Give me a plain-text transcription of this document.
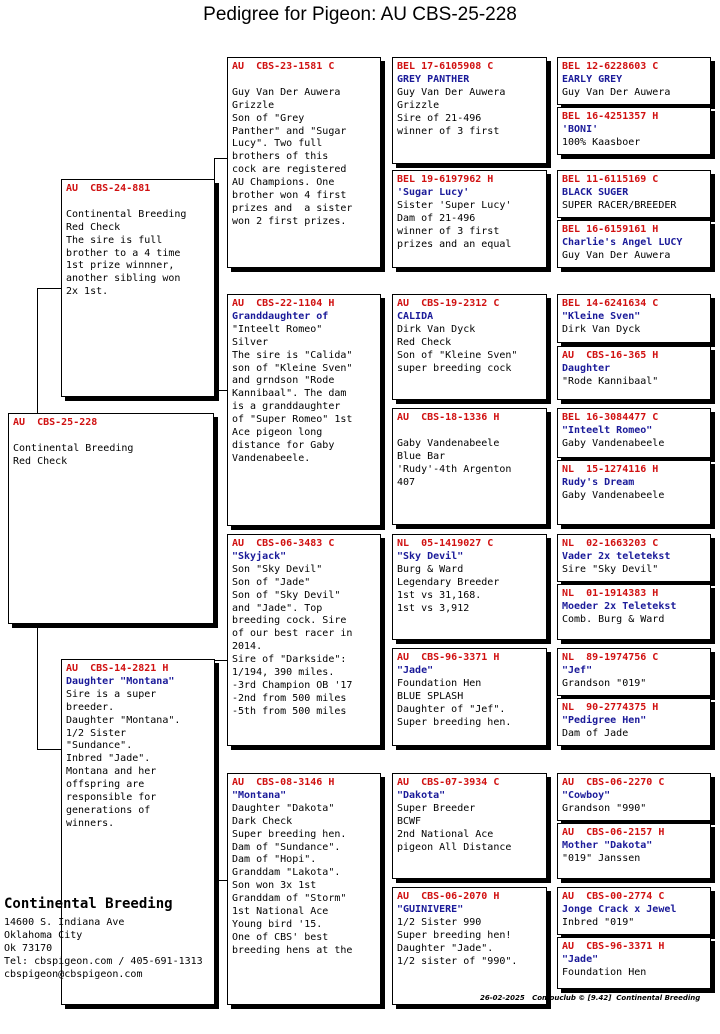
Pedigree for Pigeon: AU CBS-25-228
AU  CBS-25-228
Continental Breeding
Red Check
AU  CBS-24-881
Continental Breeding
Red Check
The sire is full
brother to a 4 time
1st prize winnner,
another sibling won
2x 1st.
AU  CBS-14-2821 H
Daughter "Montana"
Sire is a super
breeder.
Daughter "Montana".
1/2 Sister
"Sundance".
Inbred "Jade".
Montana and her
offspring are
responsible for
generations of
winners.
AU  CBS-23-1581 C
Guy Van Der Auwera
Grizzle
Son of "Grey
Panther" and "Sugar
Lucy". Two full
brothers of this
cock are registered
AU Champions. One
brother won 4 first
prizes and  a sister
won 2 first prizes.
AU  CBS-22-1104 H
Granddaughter of
"Inteelt Romeo"
Silver
The sire is "Calida"
son of "Kleine Sven"
and grndson "Rode
Kannibaal". The dam
is a granddaughter
of "Super Romeo" 1st
Ace pigeon long
distance for Gaby
Vandenabeele.
AU  CBS-06-3483 C
"Skyjack"
Son "Sky Devil"
Son of "Jade"
Son of "Sky Devil"
and "Jade". Top
breeding cock. Sire
of our best racer in
2014.
Sire of "Darkside":
1/194, 390 miles.
-3rd Champion OB '17
-2nd from 500 miles
-5th from 500 miles
AU  CBS-08-3146 H
"Montana"
Daughter "Dakota"
Dark Check
Super breeding hen.
Dam of "Sundance".
Dam of "Hopi".
Granddam "Lakota".
Son won 3x 1st
Granddam of "Storm"
1st National Ace
Young bird '15.
One of CBS' best
breeding hens at the
BEL 17-6105908 C
GREY PANTHER
Guy Van Der Auwera
Grizzle
Sire of 21-496
winner of 3 first
BEL 19-6197962 H
'Sugar Lucy'
Sister 'Super Lucy'
Dam of 21-496
winner of 3 first
prizes and an equal
AU  CBS-19-2312 C
CALIDA
Dirk Van Dyck
Red Check
Son of "Kleine Sven"
super breeding cock
AU  CBS-18-1336 H
Gaby Vandenabeele
Blue Bar
'Rudy'-4th Argenton
407
NL  05-1419027 C
"Sky Devil"
Burg & Ward
Legendary Breeder
1st vs 31,168.
1st vs 3,912
AU  CBS-96-3371 H
"Jade"
Foundation Hen
BLUE SPLASH
Daughter of "Jef".
Super breeding hen.
AU  CBS-07-3934 C
"Dakota"
Super Breeder
BCWF
2nd National Ace
pigeon All Distance
AU  CBS-06-2070 H
"GUINIVERE"
1/2 Sister 990
Super breeding hen!
Daughter "Jade".
1/2 sister of "990".
BEL 12-6228603 C
EARLY GREY
Guy Van Der Auwera
BEL 16-4251357 H
'BONI'
100% Kaasboer
BEL 11-6115169 C
BLACK SUGER
SUPER RACER/BREEDER
BEL 16-6159161 H
Charlie's Angel LUCY
Guy Van Der Auwera
BEL 14-6241634 C
"Kleine Sven"
Dirk Van Dyck
AU  CBS-16-365 H
Daughter
"Rode Kannibaal"
BEL 16-3084477 C
"Inteelt Romeo"
Gaby Vandenabeele
NL  15-1274116 H
Rudy's Dream
Gaby Vandenabeele
NL  02-1663203 C
Vader 2x teletekst
Sire "Sky Devil"
NL  01-1914383 H
Moeder 2x Teletekst
Comb. Burg & Ward
NL  89-1974756 C
"Jef"
Grandson "019"
NL  90-2774375 H
"Pedigree Hen"
Dam of Jade
AU  CBS-06-2270 C
"Cowboy"
Grandson "990"
AU  CBS-06-2157 H
Mother "Dakota"
"019" Janssen
AU  CBS-00-2774 C
Jonge Crack x Jewel
Inbred "019"
AU  CBS-96-3371 H
"Jade"
Foundation Hen
Continental Breeding
14600 S. Indiana Ave
Oklahoma City
Ok 73170
Tel: cbspigeon.com / 405-691-1313
cbspigeon@cbspigeon.com
26-02-2025   Compuclub © [9.42]  Continental Breeding
